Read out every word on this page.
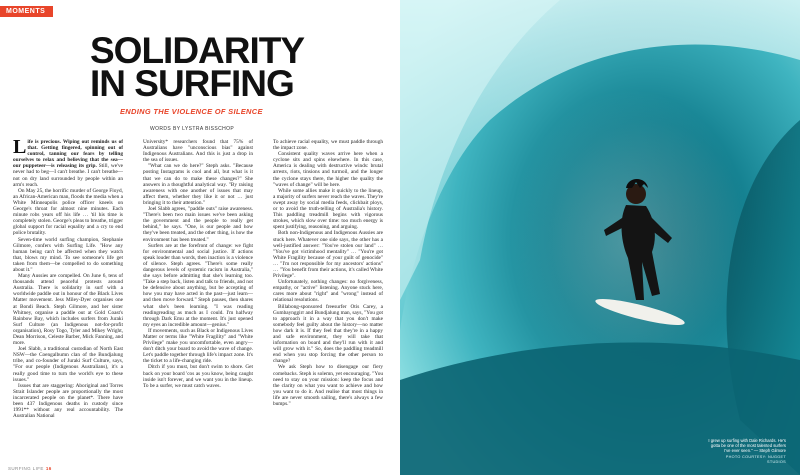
MOMENTS
SOLIDARITY
IN SURFING
ENDING THE VIOLENCE OF SILENCE
WORDS BY LYSTRA BISSCHOP

Life is precious. Wiping out reminds us of that. Getting fingered, spinning out of control, tanning our fears by telling ourselves to relax and believing that the sea—our puppeteer—is releasing its grip. Still, we've never had to beg—I can't breathe. I can't breathe—not on dry land surrounded by people within an arm's reach.

On May 25, the horrific murder of George Floyd, an African-American man, floods the media when a White Minneapolis police officer kneels on George's throat for almost nine minutes. Each minute robs years off his life … 'til his time is completely stolen. George's pleas to breathe, trigger global support for racial equality and a cry to end police brutality.

Seven-time world surfing champion, Stephanie Gilmore, confers with Surfing Life. "How any human being can't be affected when they watch that, blows my mind. To see someone's life get taken from them—be compelled to do something about it."

Many Aussies are compelled. On June 6, tens of thousands attend peaceful protests around Australia. There is solidarity in surf with a worldwide paddle out in honour of the Black Lives Matter movement. Jess Miley-Dyer organises one at Bondi Beach. Steph Gilmore, and her sister Whitney, organise a paddle out at Gold Coast's Rainbow Bay, which includes surfers from Juraki Surf Culture (an Indigenous not-for-profit organisation), Rosy Togo, Tyler and Mikey Wright, Dean Morrison, Celeste Barber, Mick Fanning, and more.

Joel Slabb, a traditional custodian of North East NSW—the Coengalbumn clan of the Bundjalung tribe, and co-founder of Juraki Surf Culture, says, "For our people (Indigenous Australians), it's a really good time to turn the world's eye to these issues."

Issues that are staggering: Aboriginal and Torres Strait Islander people are proportionally the most incarcerated people on the planet*. There have been 437 Indigenous deaths in custody since 1991** without any real accountability. The Australian National

University* researchers found that 75% of Australians have "unconscious bias" against Indigenous Australians. And this is just a drop in the sea of issues.

"What can we do here?" Steph asks. "Because posting Instagrams is cool and all, but what is it that we can do to make these changes?" She answers in a thoughtful analytical way. "By raising awareness with one another of issues that may affect them, whether they like it or not … just bringing it to their attention."

Joel Slabb agrees, "paddle outs" raise awareness. "There's been two main issues we've been asking the government and the people to really get behind," he says. "One, is our people and how they've been treated, and the other thing, is how the environment has been treated."

Surfers are at the forefront of change: we fight for environmental and social justice. If actions speak louder than words, then inaction is a violence of silence. Steph agrees. "There's some really dangerous levels of systemic racism in Australia," she says before admitting that she's learning too. "Take a step back, listen and talk to friends, and not be defensive about anything, but be accepting of how you may have acted in the past—just learn—and then move forward." Steph pauses, then shares what she's been learning. "I was reading readingreading as much as I could. I'm halfway through Dark Emu at the moment. It's just opened my eyes an incredible amount—genius."

If movements, such as Black or Indigenous Lives Matter or terms like "White Fragility" and "White Privilege" make you uncomfortable, even angry—don't ditch your board to avoid the wave of change. Let's paddle together through life's impact zone. It's the ticket to a life-changing ride.

Ditch if you must, but don't swim to shore. Get back on your board 'cos as you know, being caught inside isn't forever, and we want you in the lineup. To be a surfer, we must catch waves.

To achieve racial equality, we must paddle through the impact zone.

Consistent quality waves arrive here when a cyclone sits and spins elsewhere. In this case, America is dealing with destructive winds: brutal arrests, riots, tinsions and turmoil, and the longer the cyclone stays there, the higher the quality the "waves of change" will be here.

While some allies make it quickly to the lineup, a majority of surfers never reach the waves. They're swept away by social media feeds, clickbait ploys, or to avoid the truth-telling of Australia's history. This paddling treadmill begins with vigorous strokes, which slow over time: too much energy is spent justifying, reasoning, and arguing.

Both non-Indigenous and Indigenous Aussies are stuck here. Whatever one side says, the other has a well-justified answer: "You've stolen our land" … "You've got victimhood mentality" … "You're got White Fragility because of your guilt of genocide" … "I'm not responsible for my ancestors' actions" … "You benefit from their actions, it's called White Privilege".

Unfortunately, nothing changes: no forgiveness, empathy, or "active" listening. Anyone stuck here, cares more about "right" and "wrong" instead of relational resolutions.

Billabong-sponsored freesurfer Otis Carey, a Gumbaynggirr and Bundjalung man, says, "You got to approach it in a way that you don't make somebody feel guilty about the history—no matter how dark it is. If they feel that they're in a happy and safe environment, they will take that information on board and they'll run with it and will grow with it." So, does the paddling treadmill end when you stop forcing the other person to change?

We ask Steph how to disengage our fiery comebacks. Steph is solemn, yet encouraging. "You need to stay on your mission: keep the focus and the clarity on what you want to achieve and how you want to do it. And realise that most things in life are never smooth sailing, there's always a few bumps."

SURFING LIFE 16
I grew up surfing with Dale Richards. He's gotta be one of the most talented surfers I've ever seen." — Steph Gilmore
PHOTO COURTESY: NUGGET STUDIOS
